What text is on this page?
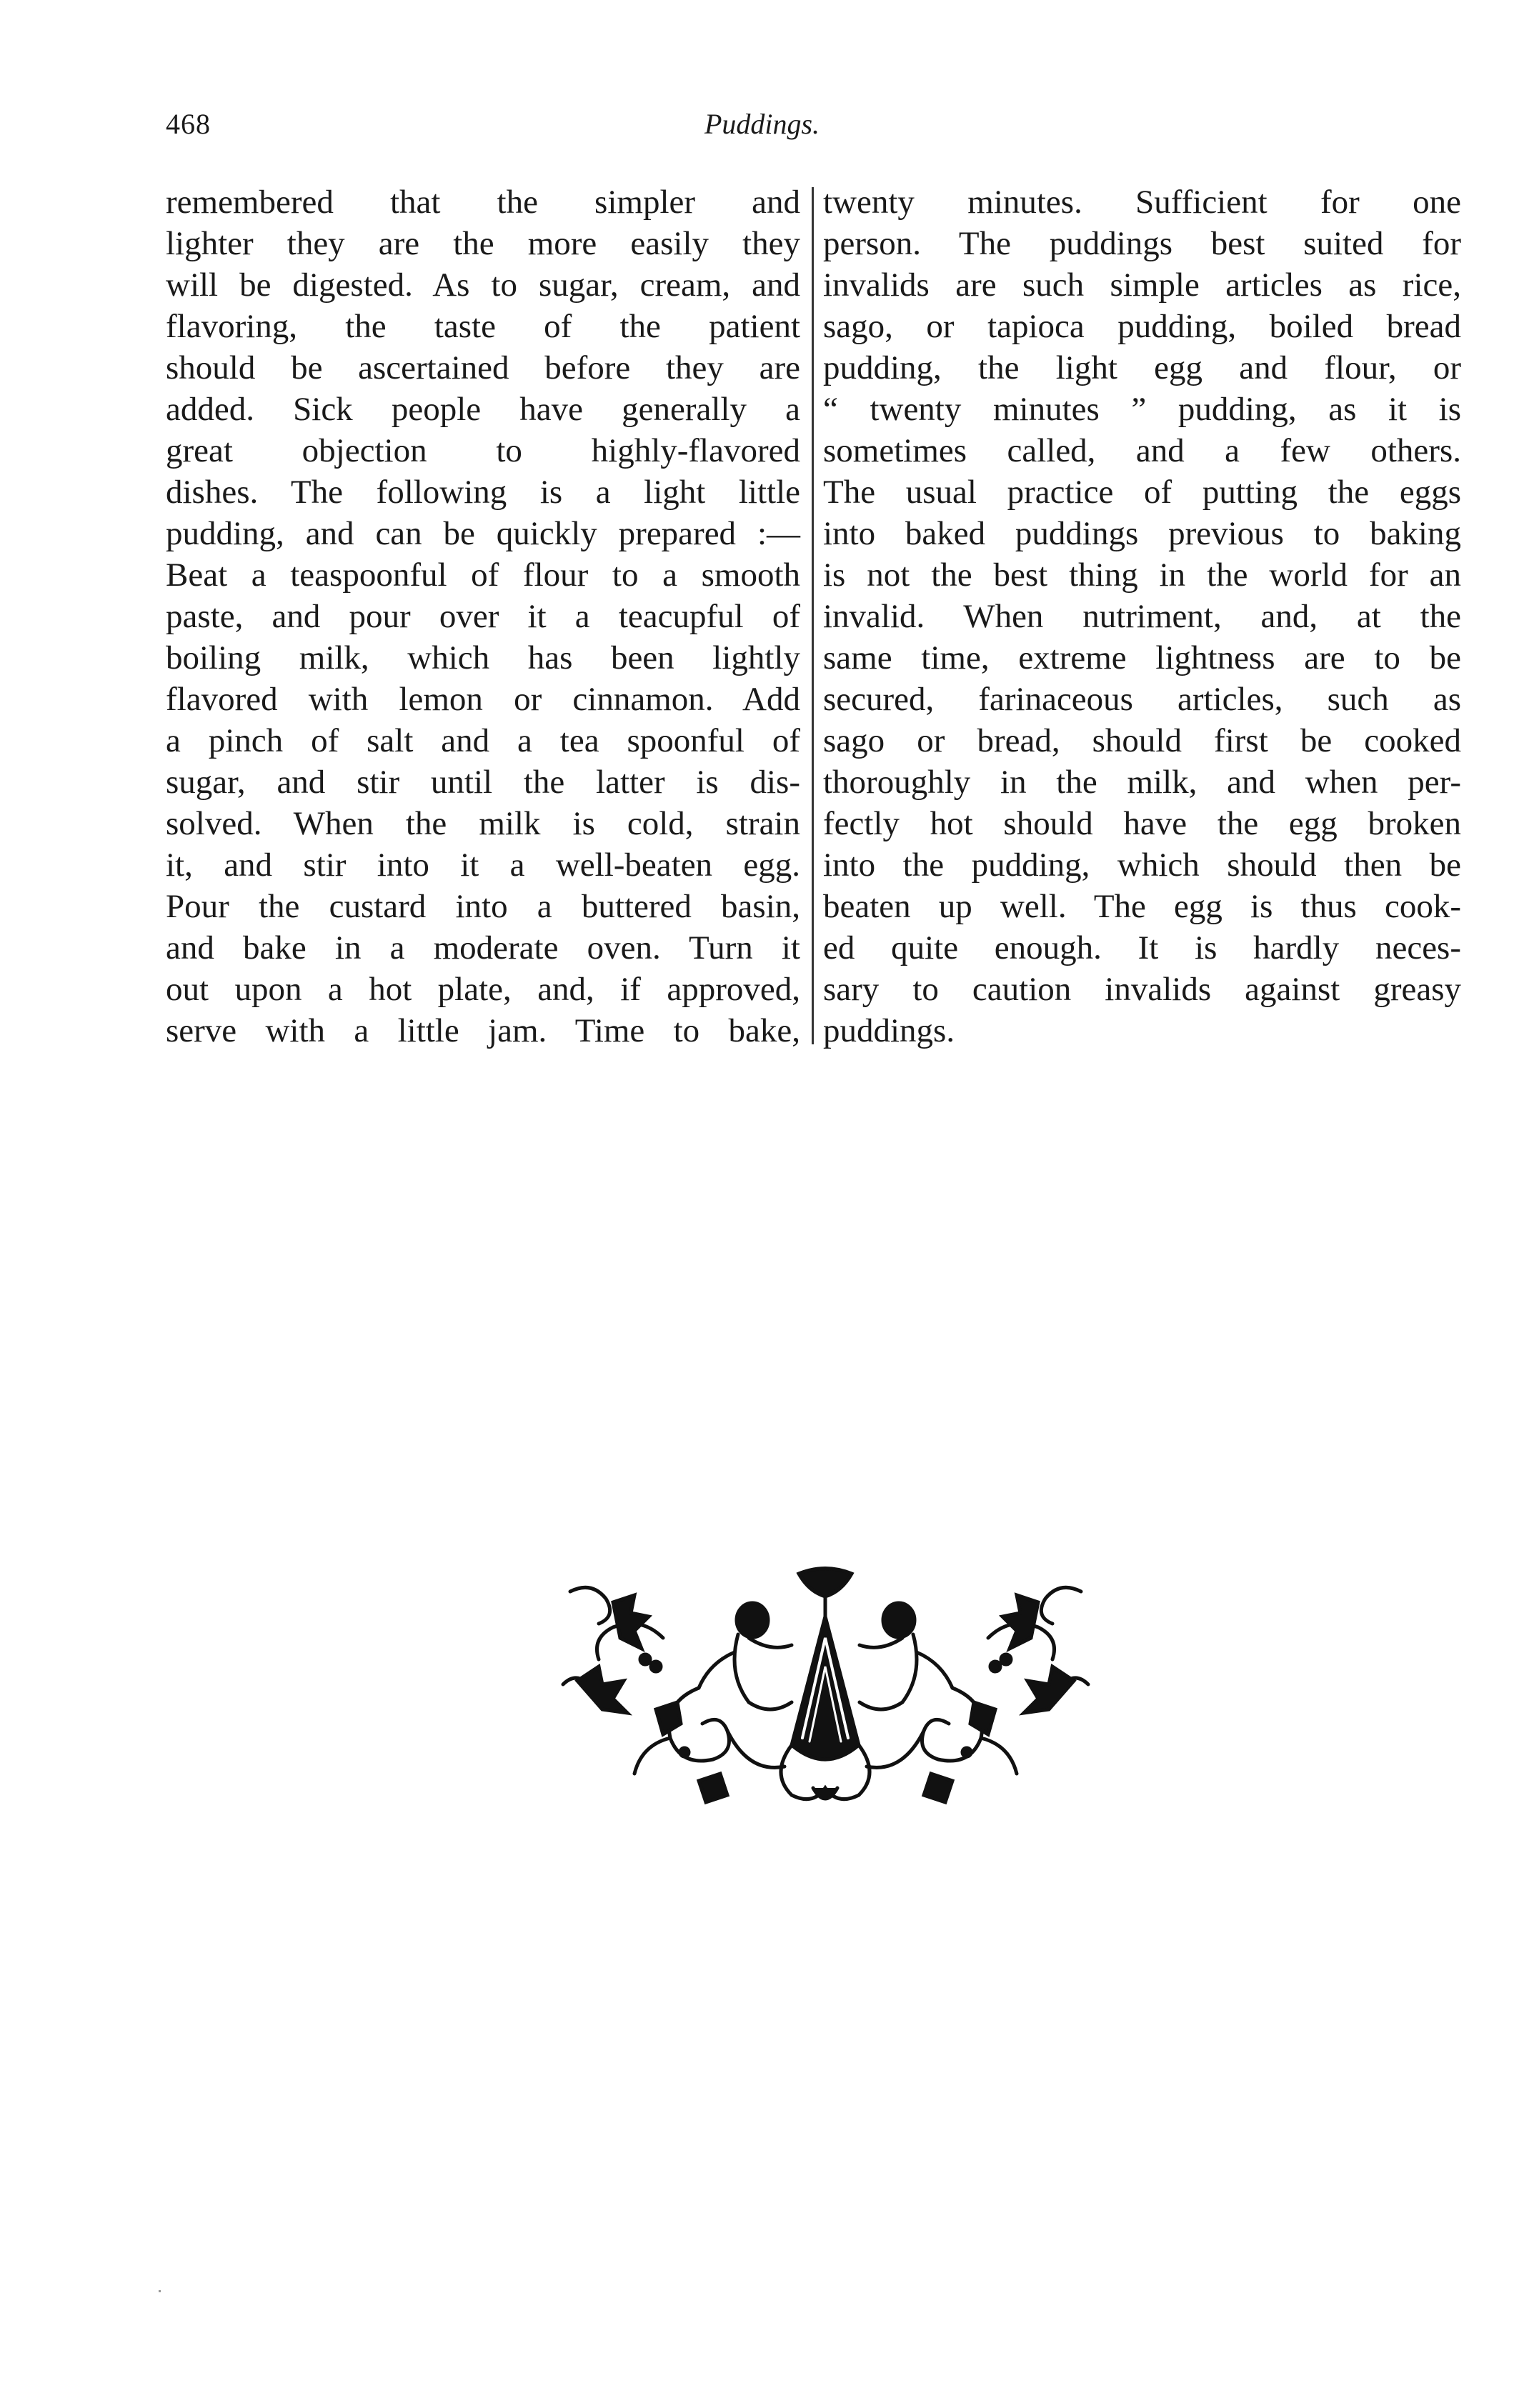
468	Puddings.
remembered that the simpler and
lighter they are the more easily they
will be digested. As to sugar, cream, and
flavoring, the taste of the patient
should be ascertained before they are
added. Sick people have generally a
great objection to highly-flavored
dishes. The following is a light little
pudding, and can be quickly prepared :—
Beat a teaspoonful of flour to a smooth
paste, and pour over it a teacupful of
boiling milk, which has been lightly
flavored with lemon or cinnamon. Add
a pinch of salt and a tea spoonful of
sugar, and stir until the latter is dis-
solved. When the milk is cold, strain
it, and stir into it a well-beaten egg.
Pour the custard into a buttered basin,
and bake in a moderate oven. Turn it
out upon a hot plate, and, if approved,
serve with a little jam. Time to bake,
twenty minutes. Sufficient for one
person. The puddings best suited for
invalids are such simple articles as rice,
sago, or tapioca pudding, boiled bread
pudding, the light egg and flour, or
“ twenty minutes ” pudding, as it is
sometimes called, and a few others.
The usual practice of putting the eggs
into baked puddings previous to baking
is not the best thing in the world for an
invalid. When nutriment, and, at the
same time, extreme lightness are to be
secured, farinaceous articles, such as
sago or bread, should first be cooked
thoroughly in the milk, and when per-
fectly hot should have the egg broken
into the pudding, which should then be
beaten up well. The egg is thus cook-
ed quite enough. It is hardly neces-
sary to caution invalids against greasy
puddings.
